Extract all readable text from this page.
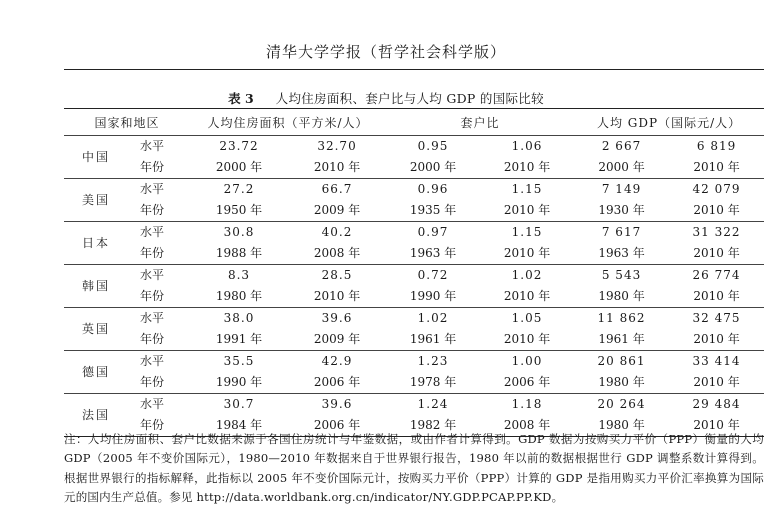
清华大学学报（哲学社会科学版）
表 3 人均住房面积、套户比与人均 GDP 的国际比较
国家和地区		人均住房面积（平方米/人）		套户比		人均 GDP（国际元/人）	
中国	水平	23.72	32.70	0.95	1.06	2 667	6 819
	年份	2000 年	2010 年	2000 年	2010 年	2000 年	2010 年
美国	水平	27.2	66.7	0.96	1.15	7 149	42 079
	年份	1950 年	2009 年	1935 年	2010 年	1930 年	2010 年
日本	水平	30.8	40.2	0.97	1.15	7 617	31 322
	年份	1988 年	2008 年	1963 年	2010 年	1963 年	2010 年
韩国	水平	8.3	28.5	0.72	1.02	5 543	26 774
	年份	1980 年	2010 年	1990 年	2010 年	1980 年	2010 年
英国	水平	38.0	39.6	1.02	1.05	11 862	32 475
	年份	1991 年	2009 年	1961 年	2010 年	1961 年	2010 年
德国	水平	35.5	42.9	1.23	1.00	20 861	33 414
	年份	1990 年	2006 年	1978 年	2006 年	1980 年	2010 年
法国	水平	30.7	39.6	1.24	1.18	20 264	29 484
	年份	1984 年	2006 年	1982 年	2008 年	1980 年	2010 年
注：人均住房面积、套户比数据来源于各国住房统计与年鉴数据，或由作者计算得到。GDP 数据为按购买力平价（PPP）衡量的人均 GDP（2005 年不变价国际元），1980—2010 年数据来自于世界银行报告，1980 年以前的数据根据世行 GDP 调整系数计算得到。根据世界银行的指标解释，此指标以 2005 年不变价国际元计，按购买力平价（PPP）计算的 GDP 是指用购买力平价汇率换算为国际元的国内生产总值。参见 http://data.worldbank.org.cn/indicator/NY.GDP.PCAP.PP.KD。
